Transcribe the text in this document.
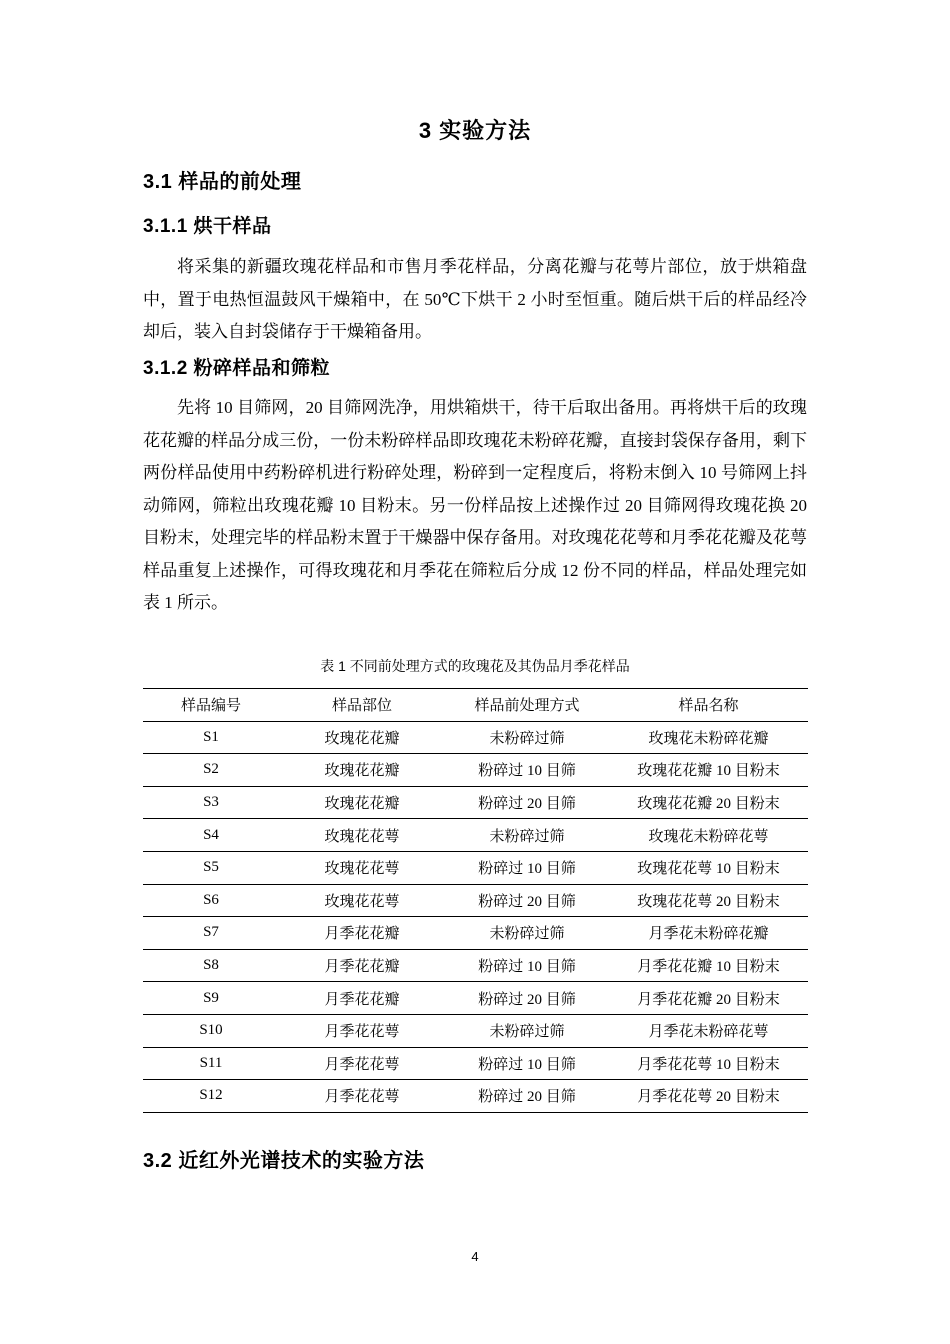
3 实验方法
3.1 样品的前处理
3.1.1 烘干样品

将采集的新疆玫瑰花样品和市售月季花样品，分离花瓣与花萼片部位，放于烘箱盘中，置于电热恒温鼓风干燥箱中，在 50℃下烘干 2 小时至恒重。随后烘干后的样品经冷却后，装入自封袋储存于干燥箱备用。

3.1.2 粉碎样品和筛粒

先将 10 目筛网，20 目筛网洗净，用烘箱烘干，待干后取出备用。再将烘干后的玫瑰花花瓣的样品分成三份，一份未粉碎样品即玫瑰花未粉碎花瓣，直接封袋保存备用，剩下两份样品使用中药粉碎机进行粉碎处理，粉碎到一定程度后，将粉末倒入 10 号筛网上抖动筛网，筛粒出玫瑰花瓣 10 目粉末。另一份样品按上述操作过 20 目筛网得玫瑰花换 20 目粉末，处理完毕的样品粉末置于干燥器中保存备用。对玫瑰花花萼和月季花花瓣及花萼样品重复上述操作，可得玫瑰花和月季花在筛粒后分成 12 份不同的样品，样品处理完如表 1 所示。

表 1 不同前处理方式的玫瑰花及其伪品月季花样品
样品编号	样品部位	样品前处理方式	样品名称
S1	玫瑰花花瓣	未粉碎过筛	玫瑰花未粉碎花瓣
S2	玫瑰花花瓣	粉碎过 10 目筛	玫瑰花花瓣 10 目粉末
S3	玫瑰花花瓣	粉碎过 20 目筛	玫瑰花花瓣 20 目粉末
S4	玫瑰花花萼	未粉碎过筛	玫瑰花未粉碎花萼
S5	玫瑰花花萼	粉碎过 10 目筛	玫瑰花花萼 10 目粉末
S6	玫瑰花花萼	粉碎过 20 目筛	玫瑰花花萼 20 目粉末
S7	月季花花瓣	未粉碎过筛	月季花未粉碎花瓣
S8	月季花花瓣	粉碎过 10 目筛	月季花花瓣 10 目粉末
S9	月季花花瓣	粉碎过 20 目筛	月季花花瓣 20 目粉末
S10	月季花花萼	未粉碎过筛	月季花未粉碎花萼
S11	月季花花萼	粉碎过 10 目筛	月季花花萼 10 目粉末
S12	月季花花萼	粉碎过 20 目筛	月季花花萼 20 目粉末
3.2 近红外光谱技术的实验方法
4
